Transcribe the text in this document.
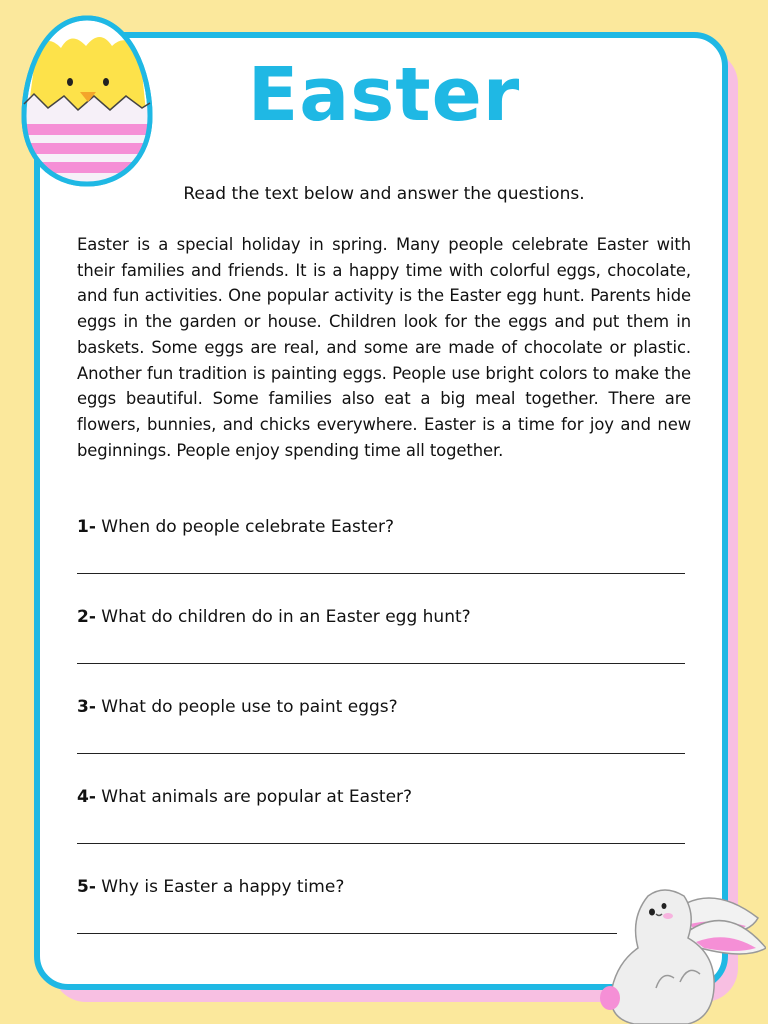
Easter
Read the text below and answer the questions.

Easter is a special holiday in spring. Many people celebrate Easter with their families and friends. It is a happy time with colorful eggs, chocolate, and fun activities. One popular activity is the Easter egg hunt. Parents hide eggs in the garden or house. Children look for the eggs and put them in baskets. Some eggs are real, and some are made of chocolate or plastic. Another fun tradition is painting eggs. People use bright colors to make the eggs beautiful. Some families also eat a big meal together. There are flowers, bunnies, and chicks everywhere. Easter is a time for joy and new beginnings. People enjoy spending time all together.

1- When do people celebrate Easter?
2- What do children do in an Easter egg hunt?
3- What do people use to paint eggs?
4- What animals are popular at Easter?
5- Why is Easter a happy time?
